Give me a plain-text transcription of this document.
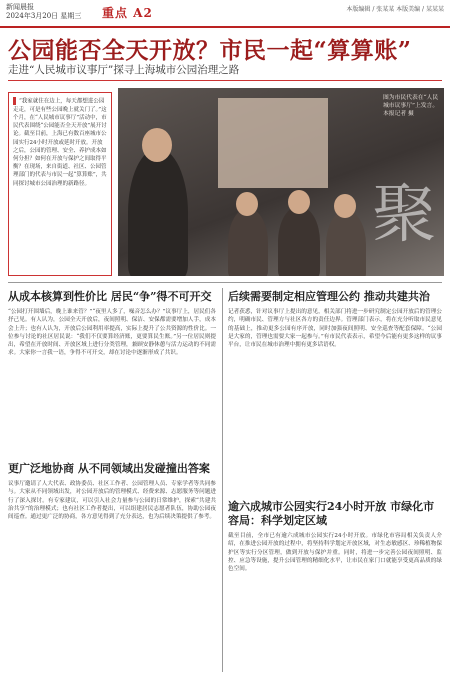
新闻晨报
2024年3月20日 星期三 重点 A2	本版编辑 / 张某某 本版美编 / 某某某
公园能否全天开放？市民一起“算算账”
走进“人民城市议事厅”探寻上海城市公园治理之路
“我家就住在边上，每天都想进公园走走，可是有些公园晚上就关门了。”这个月，在“人民城市议事厅”活动中，市民代表围绕“公园能否全天开放”展开讨论。截至目前，上海已有数百座城市公园实行24小时开放或延时开放。开放之后，公园的管理、安全、养护成本如何分担？如何在开放与保护之间取得平衡？在现场，来自街道、社区、公园管理部门的代表与市民一起“算算账”，共同探讨城市公园治理的新路径。	聚
图为市民代表在“人民城市议事厅”上发言。 本报记者 摄
从成本核算到性价比 居民“争”得不可开交
“公园打开围墙后，晚上谁来管？”“夜里人多了，噪音怎么办？”议事厅上，居民们各抒己见。有人认为，公园全天开放后，夜间照明、保洁、安保都需要增加人手，成本会上升；也有人认为，开放后公园利用率提高，实际上提升了公共资源的性价比。一位参与讨论的社区居民说：“我们不仅要算经济账，更要算民生账。”另一位居民则提出，希望在开放时间、开放区域上进行分类管理，兼顾安静休憩与活力运动的不同需求。大家你一言我一语，争得不可开交，却在讨论中逐渐形成了共识。
更广泛地协商 从不同领域出发碰撞出答案
议事厅邀请了人大代表、政协委员、社区工作者、公园管理人员、专家学者等共同参与。大家从不同领域出发，对公园开放后的管理模式、经费来源、志愿服务等问题进行了深入探讨。有专家建议，可以引入社会力量参与公园的日常维护，探索“共建共治共享”的治理模式；也有社区工作者提出，可以组建居民志愿者队伍，协助公园夜间巡查。通过更广泛的协商，各方意见得到了充分表达，也为后续决策提供了参考。
后续需要制定相应管理公约 推动共建共治
记者获悉，针对议事厅上提出的意见，相关部门将进一步研究制定公园开放后的管理公约，明确市民、管理方与社区各方的责任边界。管理部门表示，将在充分听取市民意见的基础上，推动更多公园有序开放，同时加强夜间照明、安全巡查等配套保障。“公园是大家的，管理也需要大家一起参与。”有市民代表表示，希望今后能有更多这样的议事平台，让市民在城市治理中拥有更多话语权。
逾六成城市公园实行24小时开放 市绿化市容局：科学划定区域
截至目前，全市已有逾六成城市公园实行24小时开放。市绿化市容局相关负责人介绍，在推进公园开放的过程中，将坚持科学划定开放区域，对生态敏感区、珍稀植物保护区等实行分区管理，做到开放与保护并重。同时，将进一步完善公园夜间照明、监控、应急等设施，提升公园管理的精细化水平，让市民在家门口就能享受更高品质的绿色空间。
